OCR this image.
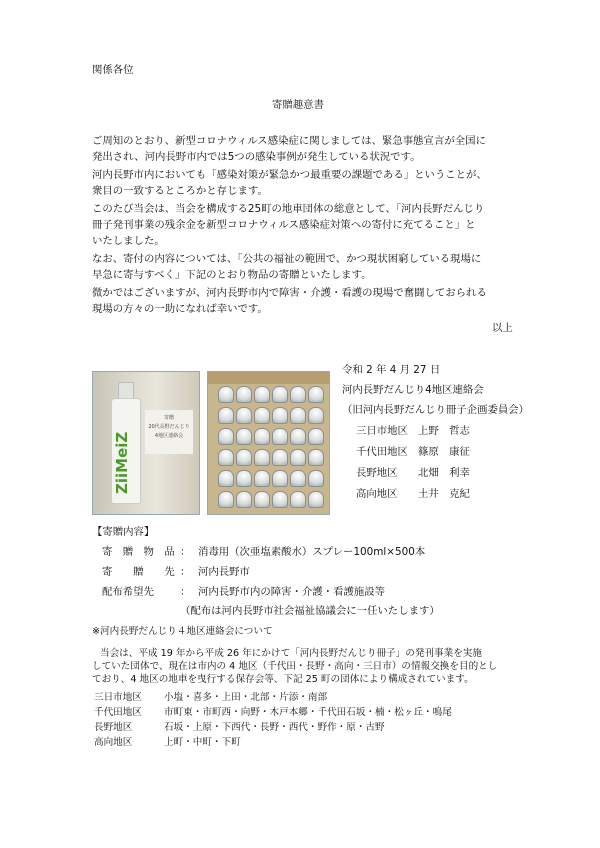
関係各位
寄贈趣意書

ご周知のとおり、新型コロナウィルス感染症に関しましては、緊急事態宣言が全国に

発出され、河内長野市内では5つの感染事例が発生している状況です。

河内長野市内においても「感染対策が緊急かつ最重要の課題である」ということが、

衆目の一致するところかと存じます。

このたび当会は、当会を構成する25町の地車団体の総意として、「河内長野だんじり

冊子発刊事業の残余金を新型コロナウィルス感染症対策への寄付に充てること」と

いたしました。

なお、寄付の内容については、「公共の福祉の範囲で、かつ現状困窮している現場に

早急に寄与すべく」下記のとおり物品の寄贈といたします。

微かではございますが、河内長野市内で障害・介護・看護の現場で奮闘しておられる

現場の方々の一助になれば幸いです。

以上
ZiiMeiZ
寄贈
20代長野だんじり
4地区連絡会
令和 2 年 4 月 27 日
河内長野だんじり4地区連絡会
（旧河内長野だんじり冊子企画委員会）
三日市地区 上野　哲志
千代田地区 篠原　康征
長野地区	北畑　利幸
高向地区	土井　克紀
【寄贈内容】
寄　贈　物　品 ： 消毒用（次亜塩素酸水）スプレー100ml×500本
寄　　贈　　先 ： 河内長野市
配布希望先	： 河内長野市内の障害・介護・看護施設等
（配布は河内長野市社会福祉協議会に一任いたします）
※河内長野だんじり４地区連絡会について
当会は、平成 19 年から平成 26 年にかけて「河内長野だんじり冊子」の発刊事業を実施
していた団体で、現在は市内の 4 地区（千代田・長野・高向・三日市）の情報交換を目的とし
ており、4 地区の地車を曳行する保存会等、下記 25 町の団体により構成されています。
三日市地区	小塩・喜多・上田・北部・片添・南部
千代田地区	市町東・市町西・向野・木戸本郷・千代田石坂・楠・松ヶ丘・鳴尾
長野地区	石坂・上原・下西代・長野・西代・野作・原・古野
高向地区	上町・中町・下町
